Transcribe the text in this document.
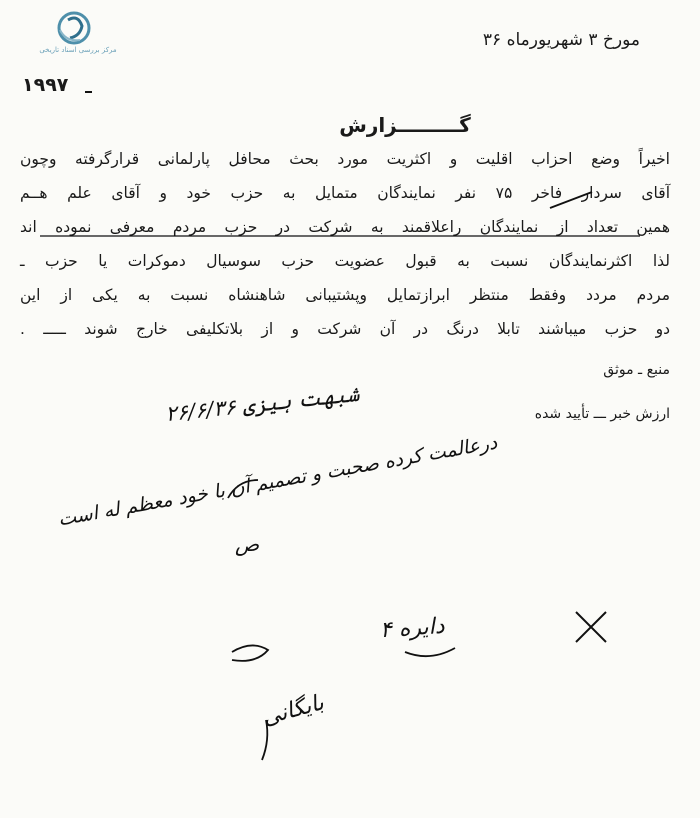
مرکز بررسی اسناد تاریخی
۱۹۹۷
مورخ ۳ شهریورماه ۳۶
گـــــــــزارش
اخیراً وضع احزاب اقلیت و اکثریت مورد بحث محافل پارلمانی قرارگرفته وچون
آقای سردار فاخر ۷۵ نفر نمایندگان متمایل به حزب خود و آقای علم هــم
همین تعداد از نمایندگان راعلاقمند به شرکت در حزب مردم معرفی نموده اند
لذا اکثرنمایندگان نسبت به قبول عضویت حزب سوسیال دموکرات یا حزب ـ
مردم مردد وفقط منتظر ابرازتمایل وپشتیبانی شاهنشاه نسبت به یکی از این
دو حزب میباشند تابلا درنگ در آن شرکت و از بلاتکلیفی خارج شوند ـــــ .
منبع ـ موثق
ارزش خبر ـــ تأیید شده
شبهت ہیزی ۲۶/۶/۳۶
درعالمت کرده صحبت و تصمیم آن با خود معظم له است
ص
دایره ۴
بایگانی
